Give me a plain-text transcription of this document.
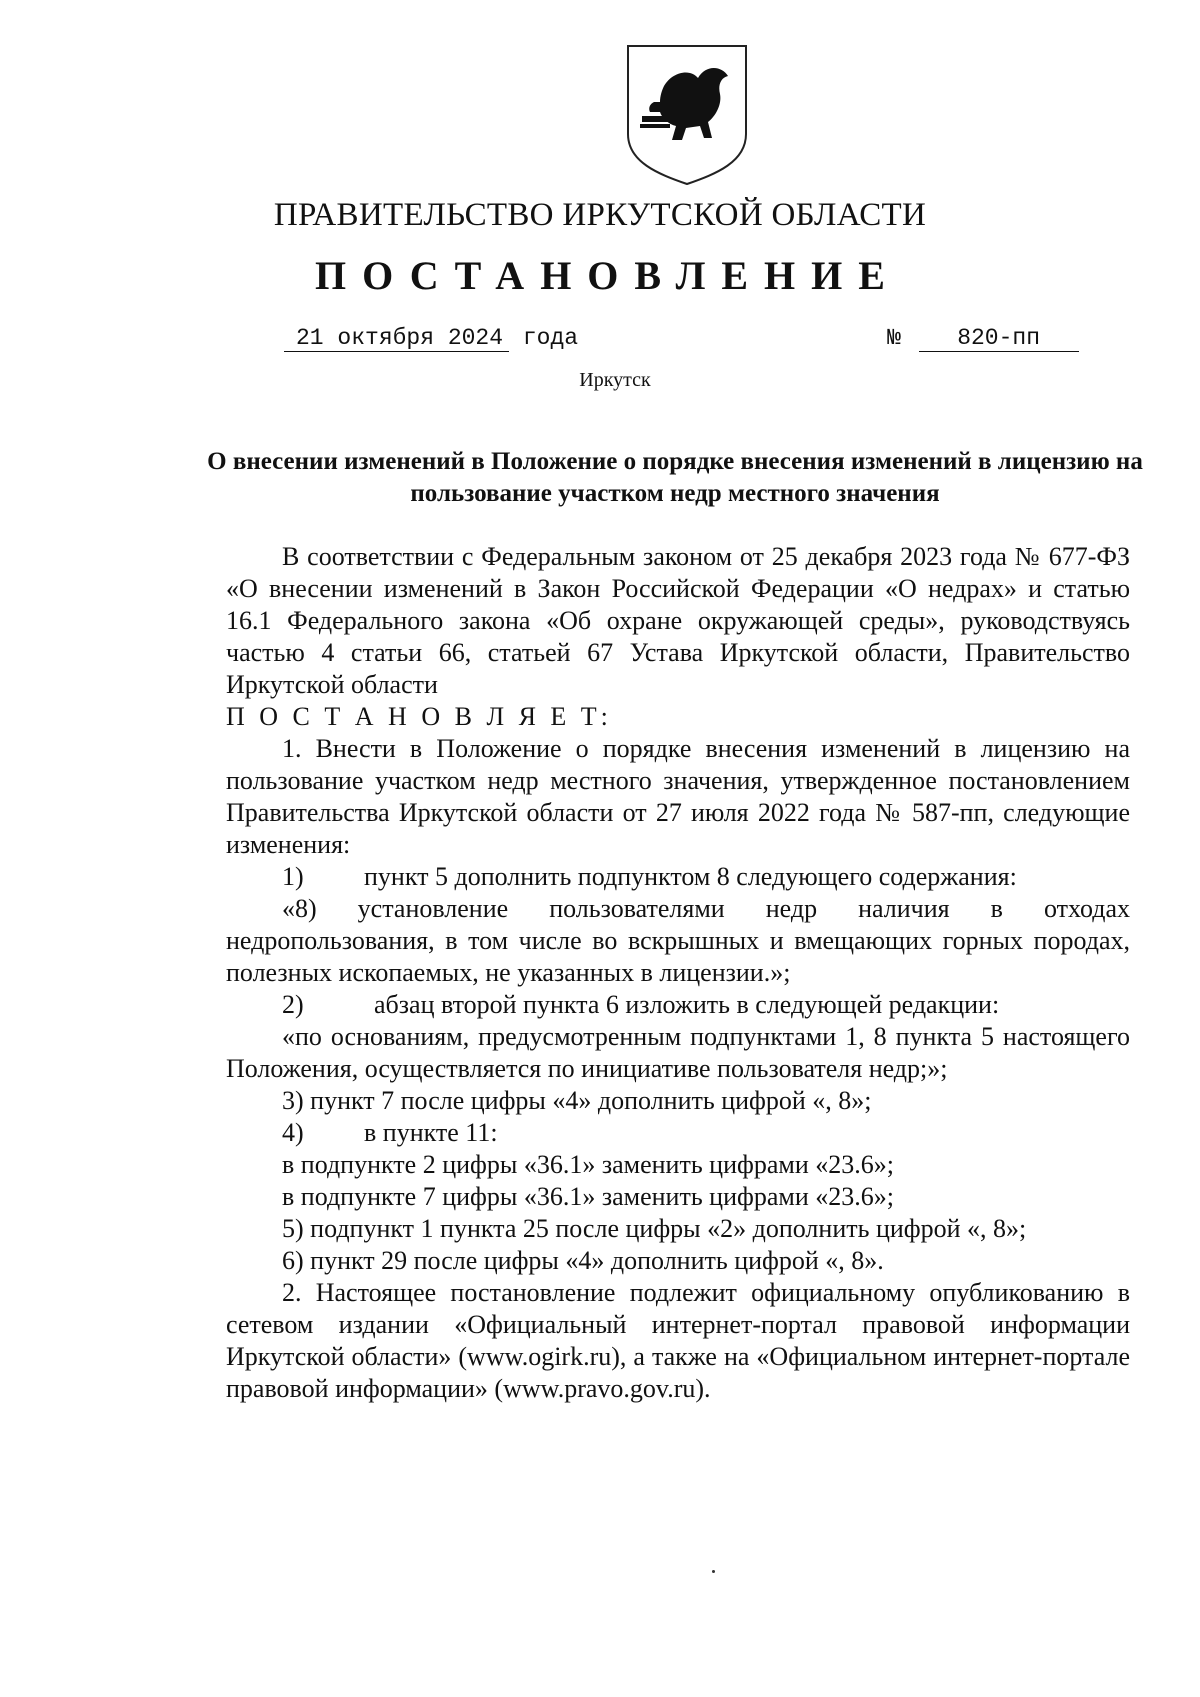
ПРАВИТЕЛЬСТВО ИРКУТСКОЙ ОБЛАСТИ
ПОСТАНОВЛЕНИЕ
21 октября 2024 года	№ 820-пп
Иркутск
О внесении изменений в Положение о порядке внесения изменений в лицензию на пользование участком недр местного значения

В соответствии с Федеральным законом от 25 декабря 2023 года № 677-ФЗ «О внесении изменений в Закон Российской Федерации «О недрах» и статью 16.1 Федерального закона «Об охране окружающей среды», руководствуясь частью 4 статьи 66, статьей 67 Устава Иркутской области, Правительство Иркутской области

П О С Т А Н О В Л Я Е Т:

1. Внести в Положение о порядке внесения изменений в лицензию на пользование участком недр местного значения, утвержденное постановлением Правительства Иркутской области от 27 июля 2022 года № 587-пп, следующие изменения:

1) пункт 5 дополнить подпунктом 8 следующего содержания:

«8) установление пользователями недр наличия в отходах недропользования, в том числе во вскрышных и вмещающих горных породах, полезных ископаемых, не указанных в лицензии.»;

2)	абзац второй пункта 6 изложить в следующей редакции:

«по основаниям, предусмотренным подпунктами 1, 8 пункта 5 настоящего Положения, осуществляется по инициативе пользователя недр;»;

3) пункт 7 после цифры «4» дополнить цифрой «, 8»;

4) в пункте 11:

в подпункте 2 цифры «36.1» заменить цифрами «23.6»;

в подпункте 7 цифры «36.1» заменить цифрами «23.6»;

5) подпункт 1 пункта 25 после цифры «2» дополнить цифрой «, 8»;

6) пункт 29 после цифры «4» дополнить цифрой «, 8».

2. Настоящее постановление подлежит официальному опубликованию в сетевом издании «Официальный интернет-портал правовой информации Иркутской области» (www.ogirk.ru), а также на «Официальном интернет-портале правовой информации» (www.pravo.gov.ru).
